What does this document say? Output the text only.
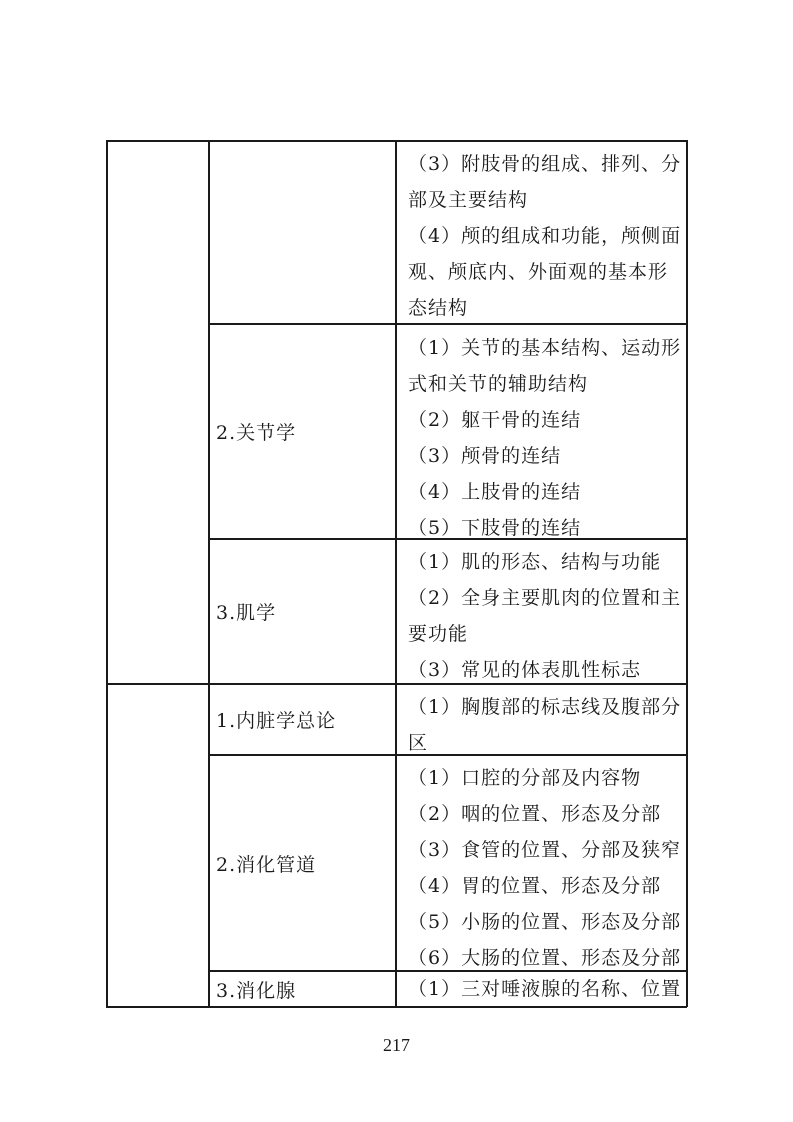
（3）附肢骨的组成、排列、分
部及主要结构
（4）颅的组成和功能，颅侧面
观、颅底内、外面观的基本形
态结构
2.关节学
（1）关节的基本结构、运动形
式和关节的辅助结构
（2）躯干骨的连结
（3）颅骨的连结
（4）上肢骨的连结
（5）下肢骨的连结
3.肌学
（1）肌的形态、结构与功能
（2）全身主要肌肉的位置和主
要功能
（3）常见的体表肌性标志
1.内脏学总论
（1）胸腹部的标志线及腹部分
区
2.消化管道
（1）口腔的分部及内容物
（2）咽的位置、形态及分部
（3）食管的位置、分部及狭窄
（4）胃的位置、形态及分部
（5）小肠的位置、形态及分部
（6）大肠的位置、形态及分部
3.消化腺	（1）三对唾液腺的名称、位置
217
